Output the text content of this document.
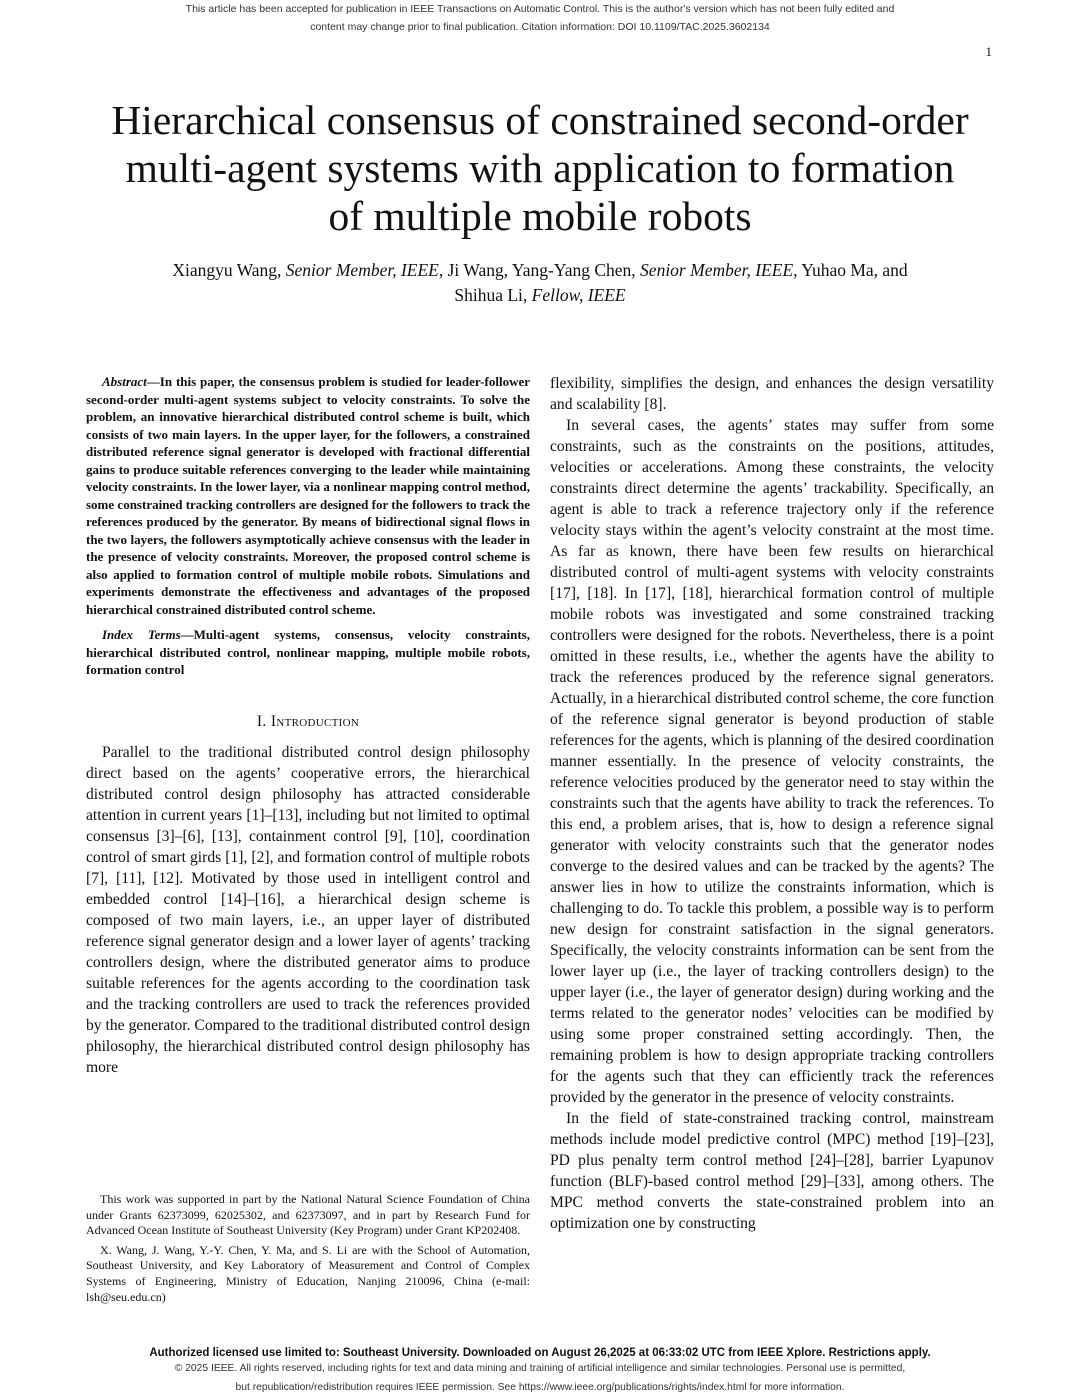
This article has been accepted for publication in IEEE Transactions on Automatic Control. This is the author's version which has not been fully edited and
content may change prior to final publication. Citation information: DOI 10.1109/TAC.2025.3602134
1
Hierarchical consensus of constrained second-order
multi-agent systems with application to formation
of multiple mobile robots
Xiangyu Wang, Senior Member, IEEE, Ji Wang, Yang-Yang Chen, Senior Member, IEEE, Yuhao Ma, and
Shihua Li, Fellow, IEEE

Abstract—In this paper, the consensus problem is studied for leader-follower second-order multi-agent systems subject to velocity constraints. To solve the problem, an innovative hierarchical distributed control scheme is built, which consists of two main layers. In the upper layer, for the followers, a constrained distributed reference signal generator is developed with fractional differential gains to produce suitable references converging to the leader while maintaining velocity constraints. In the lower layer, via a nonlinear mapping control method, some constrained tracking controllers are designed for the followers to track the references produced by the generator. By means of bidirectional signal flows in the two layers, the followers asymptotically achieve consensus with the leader in the presence of velocity constraints. Moreover, the proposed control scheme is also applied to formation control of multiple mobile robots. Simulations and experiments demonstrate the effectiveness and advantages of the proposed hierarchical constrained distributed control scheme.

Index Terms—Multi-agent systems, consensus, velocity constraints, hierarchical distributed control, nonlinear mapping, multiple mobile robots, formation control

I. Introduction

Parallel to the traditional distributed control design philosophy direct based on the agents’ cooperative errors, the hierarchical distributed control design philosophy has attracted considerable attention in current years [1]–[13], including but not limited to optimal consensus [3]–[6], [13], containment control [9], [10], coordination control of smart girds [1], [2], and formation control of multiple robots [7], [11], [12]. Motivated by those used in intelligent control and embedded control [14]–[16], a hierarchical design scheme is composed of two main layers, i.e., an upper layer of distributed reference signal generator design and a lower layer of agents’ tracking controllers design, where the distributed generator aims to produce suitable references for the agents according to the coordination task and the tracking controllers are used to track the references provided by the generator. Compared to the traditional distributed control design philosophy, the hierarchical distributed control design philosophy has more

flexibility, simplifies the design, and enhances the design versatility and scalability [8].

In several cases, the agents’ states may suffer from some constraints, such as the constraints on the positions, attitudes, velocities or accelerations. Among these constraints, the velocity constraints direct determine the agents’ trackability. Specifically, an agent is able to track a reference trajectory only if the reference velocity stays within the agent’s velocity constraint at the most time. As far as known, there have been few results on hierarchical distributed control of multi-agent systems with velocity constraints [17], [18]. In [17], [18], hierarchical formation control of multiple mobile robots was investigated and some constrained tracking controllers were designed for the robots. Nevertheless, there is a point omitted in these results, i.e., whether the agents have the ability to track the references produced by the reference signal generators. Actually, in a hierarchical distributed control scheme, the core function of the reference signal generator is beyond production of stable references for the agents, which is planning of the desired coordination manner essentially. In the presence of velocity constraints, the reference velocities produced by the generator need to stay within the constraints such that the agents have ability to track the references. To this end, a problem arises, that is, how to design a reference signal generator with velocity constraints such that the generator nodes converge to the desired values and can be tracked by the agents? The answer lies in how to utilize the constraints information, which is challenging to do. To tackle this problem, a possible way is to perform new design for constraint satisfaction in the signal generators. Specifically, the velocity constraints information can be sent from the lower layer up (i.e., the layer of tracking controllers design) to the upper layer (i.e., the layer of generator design) during working and the terms related to the generator nodes’ velocities can be modified by using some proper constrained setting accordingly. Then, the remaining problem is how to design appropriate tracking controllers for the agents such that they can efficiently track the references provided by the generator in the presence of velocity constraints.

In the field of state-constrained tracking control, mainstream methods include model predictive control (MPC) method [19]–[23], PD plus penalty term control method [24]–[28], barrier Lyapunov function (BLF)-based control method [29]–[33], among others. The MPC method converts the state-constrained problem into an optimization one by constructing

This work was supported in part by the National Natural Science Foundation of China under Grants 62373099, 62025302, and 62373097, and in part by Research Fund for Advanced Ocean Institute of Southeast University (Key Program) under Grant KP202408.

X. Wang, J. Wang, Y.-Y. Chen, Y. Ma, and S. Li are with the School of Automation, Southeast University, and Key Laboratory of Measurement and Control of Complex Systems of Engineering, Ministry of Education, Nanjing 210096, China (e-mail: lsh@seu.edu.cn)

Authorized licensed use limited to: Southeast University. Downloaded on August 26,2025 at 06:33:02 UTC from IEEE Xplore. Restrictions apply.
© 2025 IEEE. All rights reserved, including rights for text and data mining and training of artificial intelligence and similar technologies. Personal use is permitted,
but republication/redistribution requires IEEE permission. See https://www.ieee.org/publications/rights/index.html for more information.
